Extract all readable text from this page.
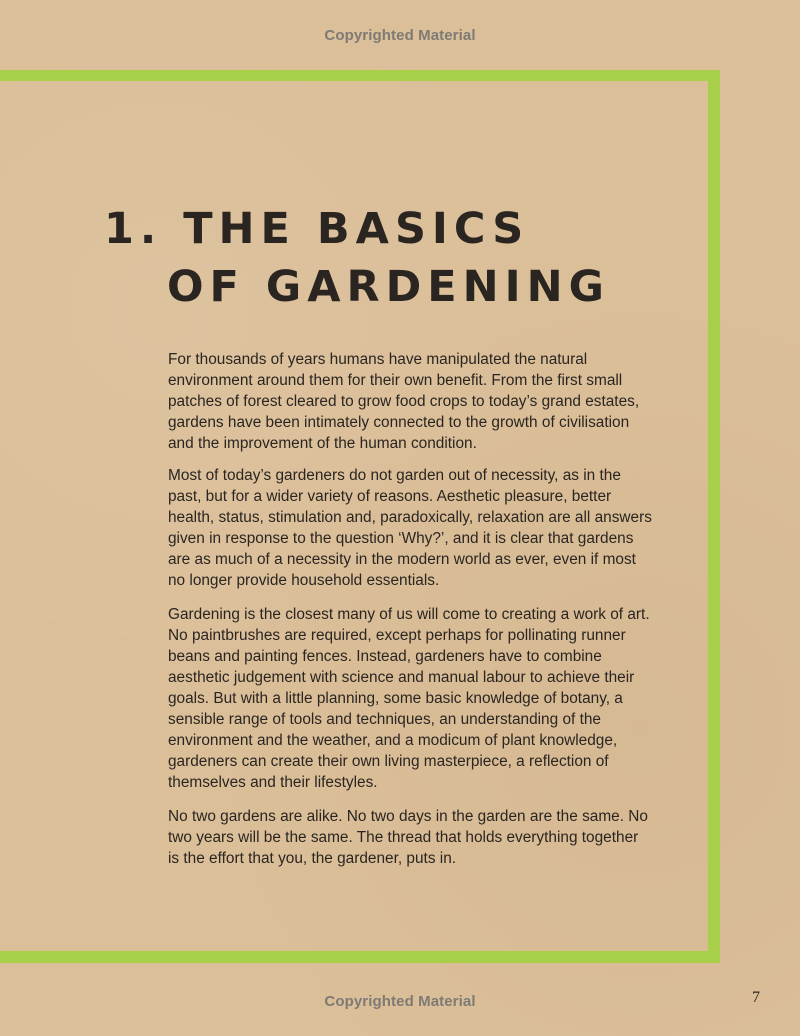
Copyrighted Material
1. THE BASICS
OF GARDENING

For thousands of years humans have manipulated the natural environment around them for their own benefit. From the first small patches of forest cleared to grow food crops to today’s grand estates, gardens have been intimately connected to the growth of civilisation and the improvement of the human condition.

Most of today’s gardeners do not garden out of necessity, as in the past, but for a wider variety of reasons. Aesthetic pleasure, better health, status, stimulation and, paradoxically, relaxation are all answers given in response to the question ‘Why?’, and it is clear that gardens are as much of a necessity in the modern world as ever, even if most no longer provide household essentials.

Gardening is the closest many of us will come to creating a work of art. No paintbrushes are required, except perhaps for pollinating runner beans and painting fences. Instead, gardeners have to combine aesthetic judgement with science and manual labour to achieve their goals. But with a little planning, some basic knowledge of botany, a sensible range of tools and techniques, an understanding of the environment and the weather, and a modicum of plant knowledge, gardeners can create their own living masterpiece, a reflection of themselves and their lifestyles.

No two gardens are alike. No two days in the garden are the same. No two years will be the same. The thread that holds everything together is the effort that you, the gardener, puts in.

Copyrighted Material	7
